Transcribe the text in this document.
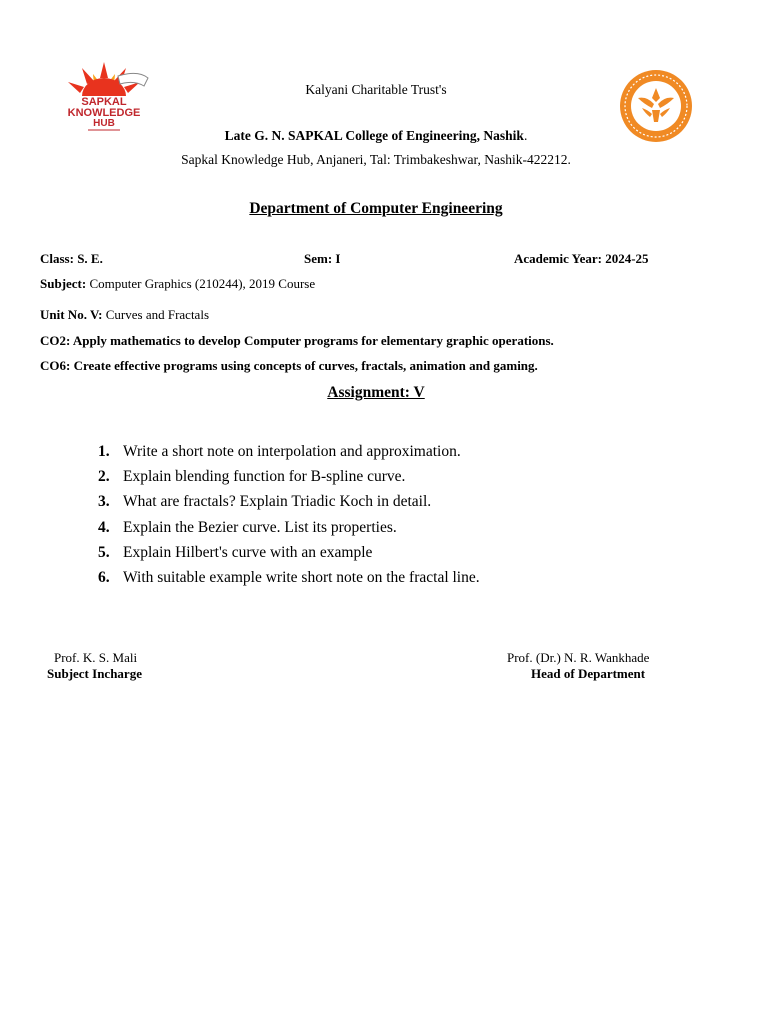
SAPKAL
KNOWLEDGE
HUB
Kalyani Charitable Trust's
Late G. N. SAPKAL College of Engineering, Nashik.
Sapkal Knowledge Hub, Anjaneri, Tal: Trimbakeshwar, Nashik-422212.
Department of Computer Engineering
Class: S. E.	Sem: I	Academic Year: 2024-25
Subject: Computer Graphics (210244), 2019 Course
Unit No. V: Curves and Fractals
CO2: Apply mathematics to develop Computer programs for elementary graphic operations.
CO6: Create effective programs using concepts of curves, fractals, animation and gaming.
Assignment: V
1. Write a short note on interpolation and approximation.
2. Explain blending function for B-spline curve.
3. What are fractals? Explain Triadic Koch in detail.
4. Explain the Bezier curve. List its properties.
5. Explain Hilbert's curve with an example
6. With suitable example write short note on the fractal line.
Prof. K. S. Mali
Subject Incharge
Prof. (Dr.) N. R. Wankhade
Head of Department
